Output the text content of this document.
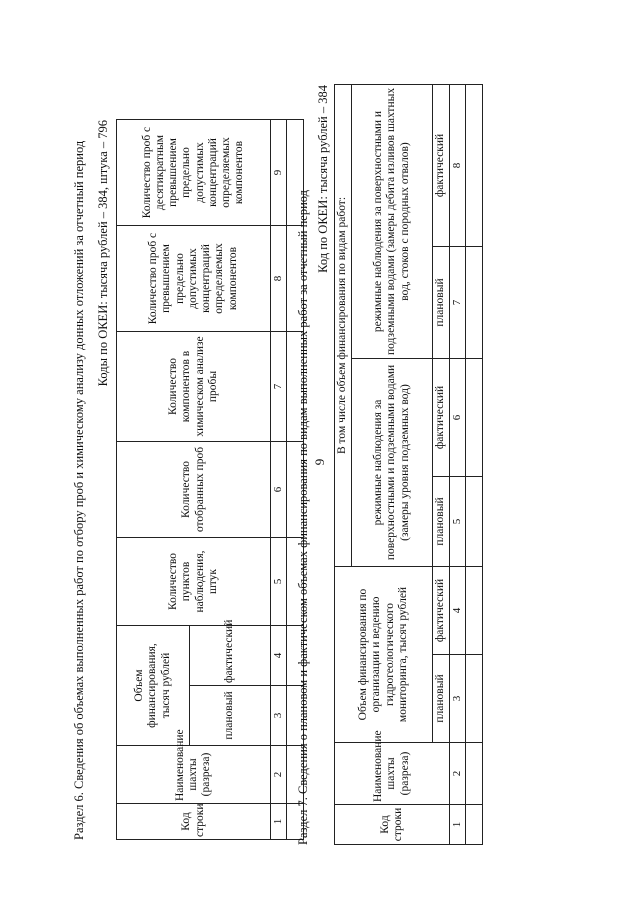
9
Раздел 6. Сведения об объемах выполненных работ по отбору проб и химическому анализу донных отложений за отчетный период Коды по ОКЕИ: тысяча рублей – 384, штука – 796
Код строки	Наименование шахты (разреза)	Объем финансирования, тысяч рублей		Количество пунктов наблюдения, штук	Количество отобранных проб	Количество компонентов в химическом анализе пробы	Количество проб с превышением предельно допустимых концентраций определяемых компонентов	Количество проб с десятикратным превышением предельно допустимых концентраций определяемых компонентов
		плановый	фактический					
1	2	3	4	5	6	7	8	9

Раздел 7. Сведения о плановом и фактическом объемах финансирования по видам выполненных работ за отчетный период
Код по ОКЕИ: тысяча рублей – 384
Код строки	Наименование шахты (разреза)	Объем финансирования по организации и ведению гидрогеологического мониторинга, тысяч рублей		В том числе объем финансирования по видам работ:			
				режимные наблюдения за поверхностными и подземными водами (замеры уровня подземных вод)		режимные наблюдения за поверхностными и подземными водами (замеры дебита изливов шахтных вод, стоков с породных отвалов)	
		плановый	фактический	плановый	фактический	плановый	фактический
1	2	3	4	5	6	7	8
